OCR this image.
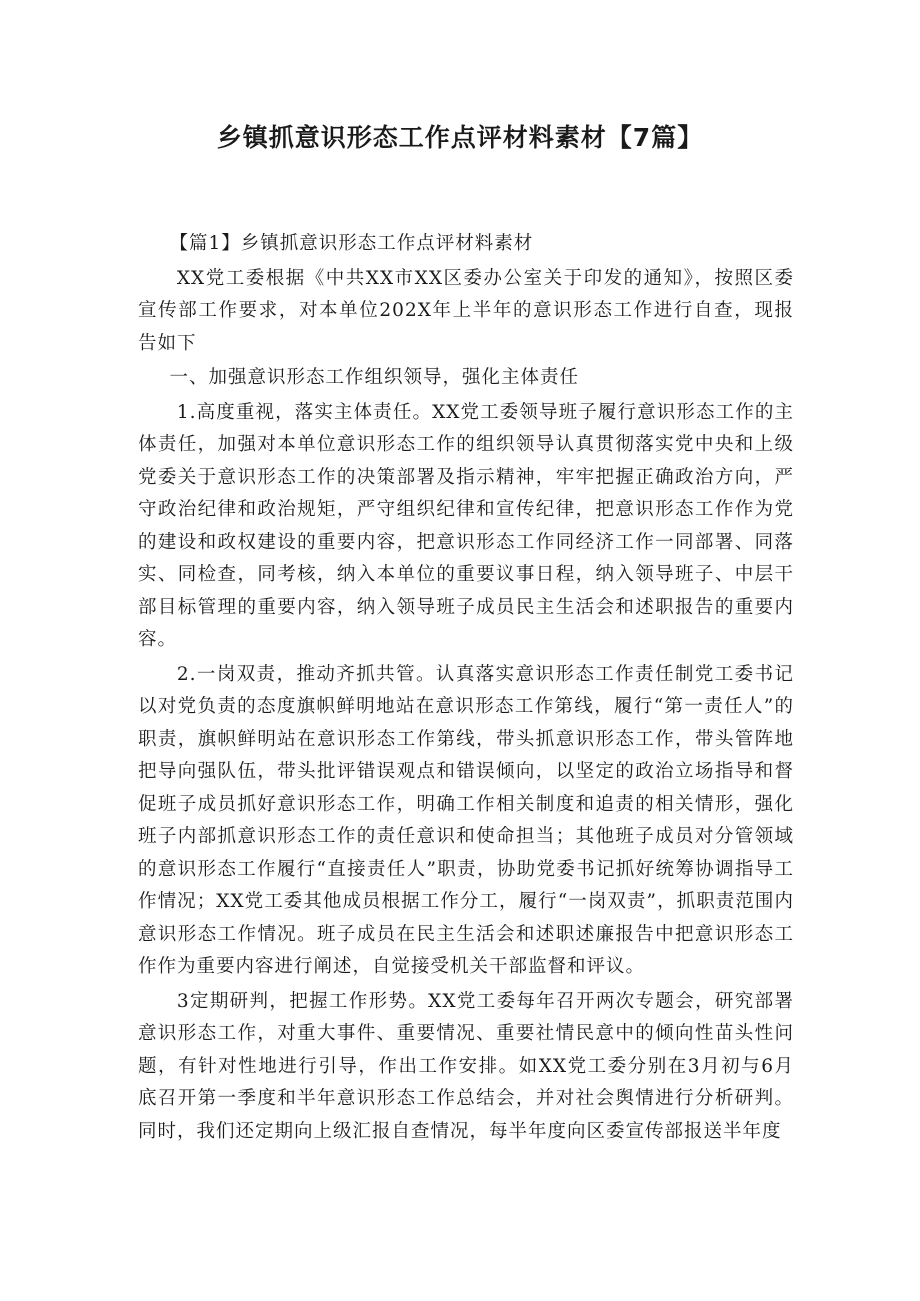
乡镇抓意识形态工作点评材料素材【7篇】

【篇1】乡镇抓意识形态工作点评材料素材

XX党工委根据《中共XX市XX区委办公室关于印发的通知》，按照区委宣传部工作要求，对本单位202X年上半年的意识形态工作进行自查，现报告如下

一、加强意识形态工作组织领导，强化主体责任

1.高度重视，落实主体责任。XX党工委领导班子履行意识形态工作的主体责任，加强对本单位意识形态工作的组织领导认真贯彻落实党中央和上级党委关于意识形态工作的决策部署及指示精神，牢牢把握正确政治方向，严守政治纪律和政治规矩，严守组织纪律和宣传纪律，把意识形态工作作为党的建设和政权建设的重要内容，把意识形态工作同经济工作一同部署、同落实、同检查，同考核，纳入本单位的重要议事日程，纳入领导班子、中层干部目标管理的重要内容，纳入领导班子成员民主生活会和述职报告的重要内容。

2.一岗双责，推动齐抓共管。认真落实意识形态工作责任制党工委书记以对党负责的态度旗帜鲜明地站在意识形态工作第线，履行“第一责任人”的职责，旗帜鲜明站在意识形态工作第线，带头抓意识形态工作，带头管阵地把导向强队伍，带头批评错误观点和错误倾向，以坚定的政治立场指导和督促班子成员抓好意识形态工作，明确工作相关制度和追责的相关情形，强化班子内部抓意识形态工作的责任意识和使命担当；其他班子成员对分管领域的意识形态工作履行“直接责任人”职责，协助党委书记抓好统筹协调指导工作情况；XX党工委其他成员根据工作分工，履行“一岗双责”，抓职责范围内意识形态工作情况。班子成员在民主生活会和述职述廉报告中把意识形态工作作为重要内容进行阐述，自觉接受机关干部监督和评议。

3定期研判，把握工作形势。XX党工委每年召开两次专题会，研究部署意识形态工作，对重大事件、重要情况、重要社情民意中的倾向性苗头性问题，有针对性地进行引导，作出工作安排。如XX党工委分别在3月初与6月底召开第一季度和半年意识形态工作总结会，并对社会舆情进行分析研判。同时，我们还定期向上级汇报自查情况，每半年度向区委宣传部报送半年度
